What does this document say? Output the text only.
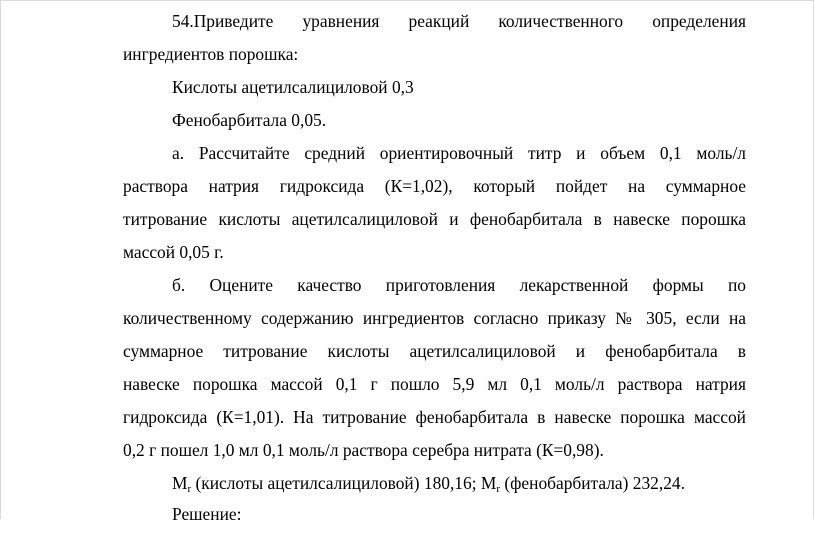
54.Приведите уравнения реакций количественного определения
ингредиентов порошка:
Кислоты ацетилсалициловой 0,3
Фенобарбитала 0,05.
а. Рассчитайте средний ориентировочный титр и объем 0,1 моль/л
раствора натрия гидроксида (К=1,02), который пойдет на суммарное
титрование кислоты ацетилсалициловой и фенобарбитала в навеске порошка
массой 0,05 г.
б. Оцените качество приготовления лекарственной формы по
количественному содержанию ингредиентов согласно приказу № 305, если на
суммарное титрование кислоты ацетилсалициловой и фенобарбитала в
навеске порошка массой 0,1 г пошло 5,9 мл 0,1 моль/л раствора натрия
гидроксида (К=1,01). На титрование фенобарбитала в навеске порошка массой
0,2 г пошел 1,0 мл 0,1 моль/л раствора серебра нитрата (К=0,98).
$M_r$ (кислоты ацетилсалициловой) 180,16; $M_r$ (фенобарбитала) 232,24.
Решение:
